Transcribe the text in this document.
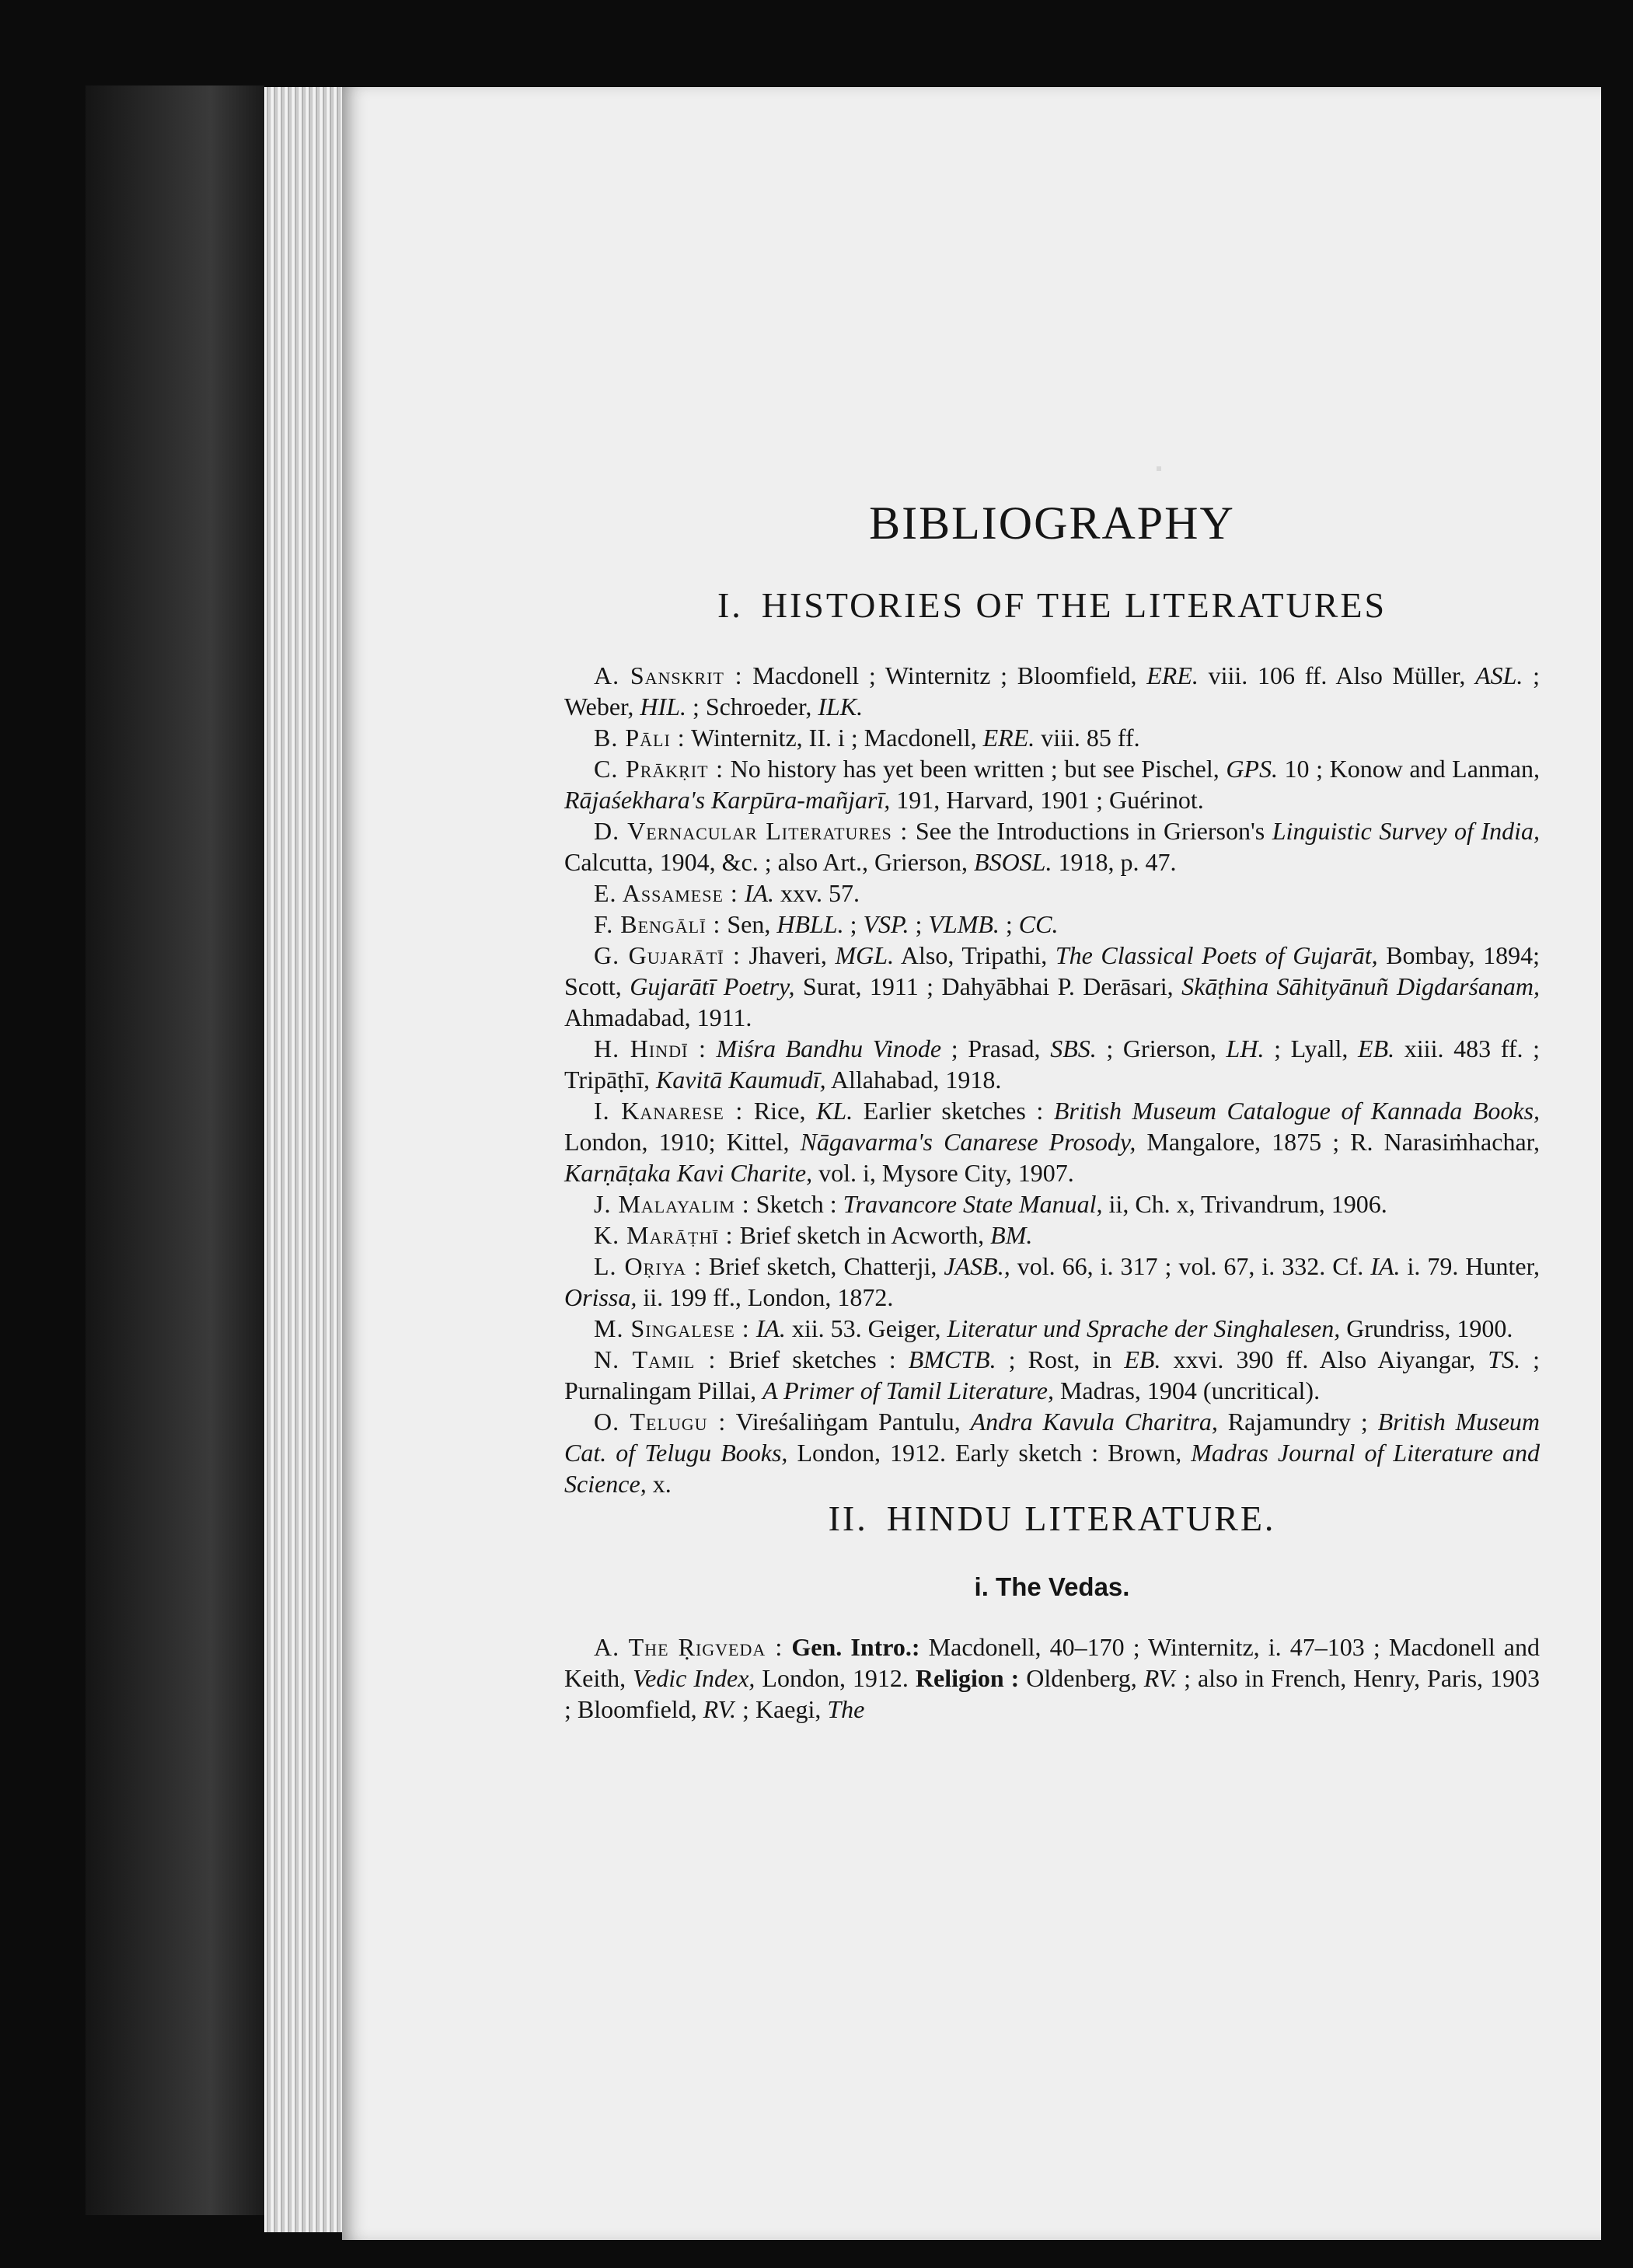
BIBLIOGRAPHY
I. HISTORIES OF THE LITERATURES

A. Sanskrit : Macdonell ; Winternitz ; Bloomfield, ERE. viii. 106 ff. Also Müller, ASL. ; Weber, HIL. ; Schroeder, ILK.

B. Pāli : Winternitz, II. i ; Macdonell, ERE. viii. 85 ff.

C. Prākṛit : No history has yet been written ; but see Pischel, GPS. 10 ; Konow and Lanman, Rājaśekhara's Karpūra-mañjarī, 191, Harvard, 1901 ; Guérinot.

D. Vernacular Literatures : See the Introductions in Grierson's Linguistic Survey of India, Calcutta, 1904, &c. ; also Art., Grierson, BSOSL. 1918, p. 47.

E. Assamese : IA. xxv. 57.

F. Bengālī : Sen, HBLL. ; VSP. ; VLMB. ; CC.

G. Gujarātī : Jhaveri, MGL. Also, Tripathi, The Classical Poets of Gujarāt, Bombay, 1894; Scott, Gujarātī Poetry, Surat, 1911 ; Dahyābhai P. Derāsari, Skāṭhina Sāhityānuñ Digdarśanam, Ahmadabad, 1911.

H. Hindī : Miśra Bandhu Vinode ; Prasad, SBS. ; Grierson, LH. ; Lyall, EB. xiii. 483 ff. ; Tripāṭhī, Kavitā Kaumudī, Allahabad, 1918.

I. Kanarese : Rice, KL. Earlier sketches : British Museum Catalogue of Kannada Books, London, 1910; Kittel, Nāgavarma's Canarese Prosody, Mangalore, 1875 ; R. Narasiṁhachar, Karṇāṭaka Kavi Charite, vol. i, Mysore City, 1907.

J. Malayalim : Sketch : Travancore State Manual, ii, Ch. x, Trivandrum, 1906.

K. Marāṭhī : Brief sketch in Acworth, BM.

L. Oṛiya : Brief sketch, Chatterji, JASB., vol. 66, i. 317 ; vol. 67, i. 332. Cf. IA. i. 79. Hunter, Orissa, ii. 199 ff., London, 1872.

M. Singalese : IA. xii. 53. Geiger, Literatur und Sprache der Singhalesen, Grundriss, 1900.

N. Tamil : Brief sketches : BMCTB. ; Rost, in EB. xxvi. 390 ff. Also Aiyangar, TS. ; Purnalingam Pillai, A Primer of Tamil Literature, Madras, 1904 (uncritical).

O. Telugu : Vireśaliṅgam Pantulu, Andra Kavula Charitra, Rajamundry ; British Museum Cat. of Telugu Books, London, 1912. Early sketch : Brown, Madras Journal of Literature and Science, x.

II. HINDU LITERATURE.
i. The Vedas.

A. The Ṛigveda : Gen. Intro.: Macdonell, 40–170 ; Winternitz, i. 47–103 ; Macdonell and Keith, Vedic Index, London, 1912. Religion : Oldenberg, RV. ; also in French, Henry, Paris, 1903 ; Bloomfield, RV. ; Kaegi, The
